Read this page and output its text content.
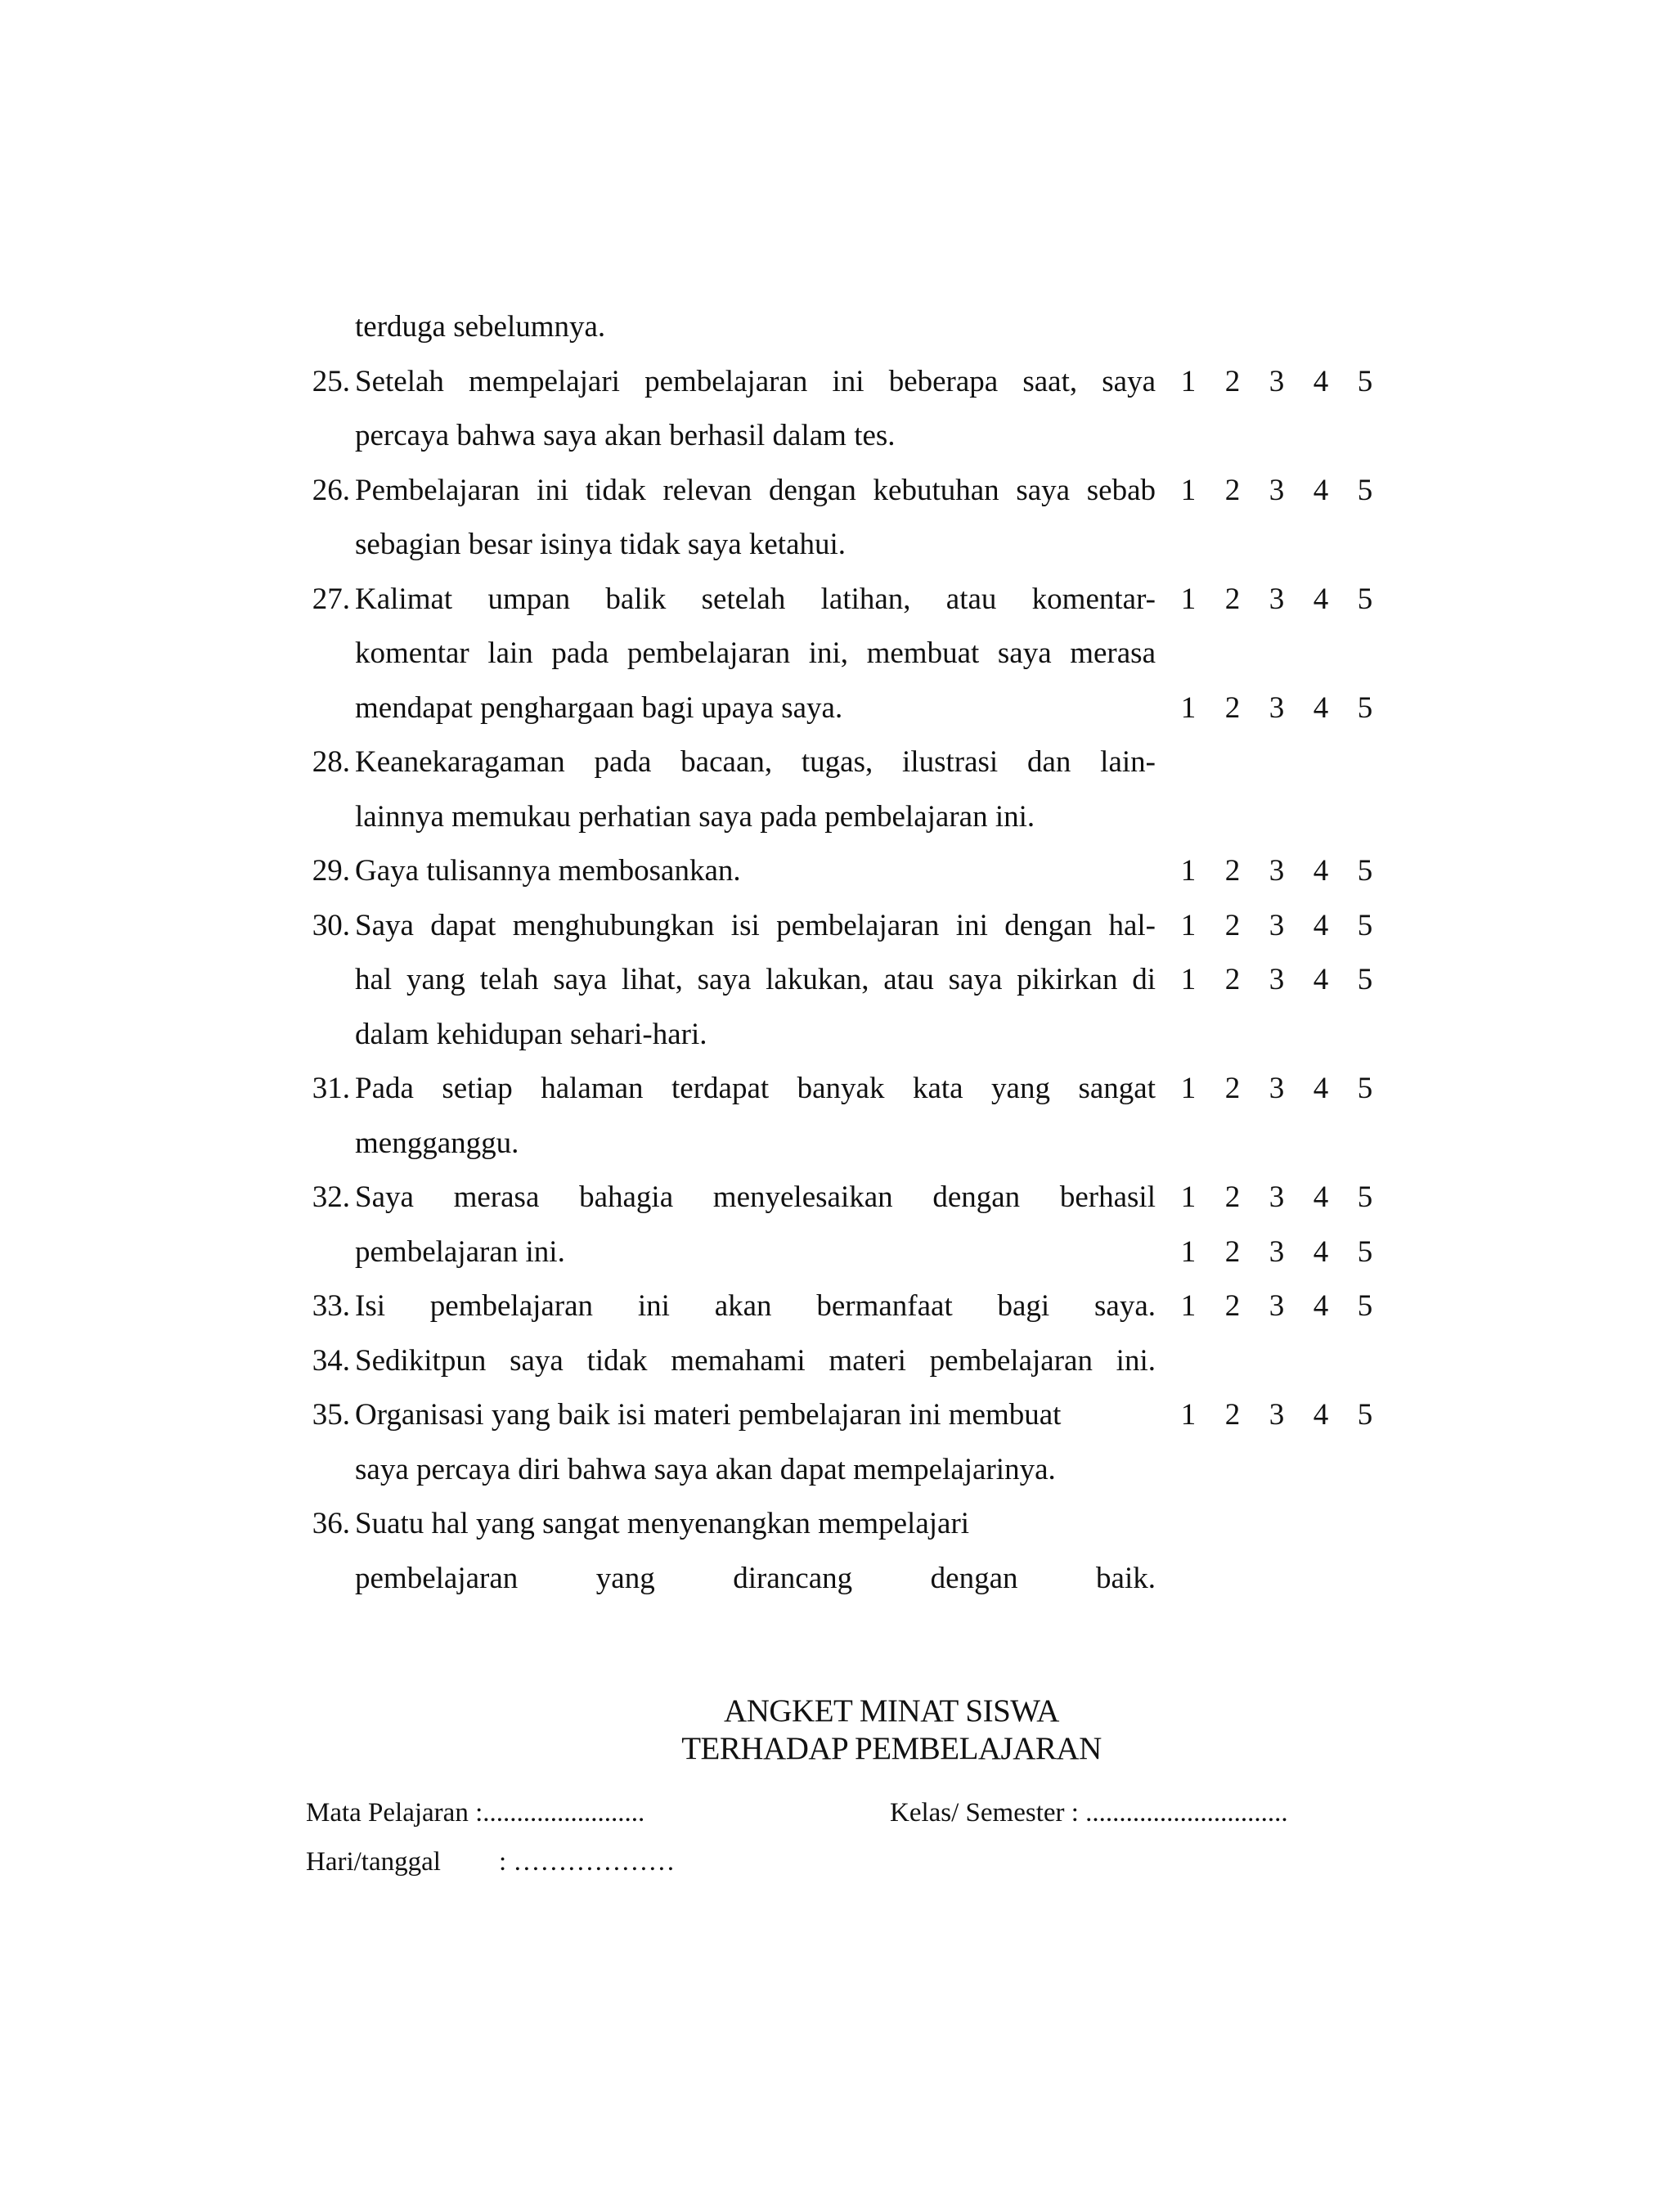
terduga sebelumnya.
25. Setelah mempelajari pembelajaran ini beberapa saat, saya
percaya bahwa saya akan berhasil dalam tes.
26. Pembelajaran ini tidak relevan dengan kebutuhan saya sebab
sebagian besar isinya tidak saya ketahui.
27. Kalimat umpan balik setelah latihan, atau komentar-
komentar lain pada pembelajaran ini, membuat saya merasa
mendapat penghargaan bagi upaya saya.
28. Keanekaragaman pada bacaan, tugas, ilustrasi dan lain-
lainnya memukau perhatian saya pada pembelajaran ini.
29. Gaya tulisannya membosankan.
30. Saya dapat menghubungkan isi pembelajaran ini dengan hal-
hal yang telah saya lihat, saya lakukan, atau saya pikirkan di
dalam kehidupan sehari-hari.
31. Pada setiap halaman terdapat banyak kata yang sangat
mengganggu.
32. Saya merasa bahagia menyelesaikan dengan berhasil
pembelajaran ini.
33. Isi pembelajaran ini akan bermanfaat bagi saya.
34. Sedikitpun saya tidak memahami materi pembelajaran ini.
35. Organisasi yang baik isi materi pembelajaran ini membuat
saya percaya diri bahwa saya akan dapat mempelajarinya.
36. Suatu hal yang sangat menyenangkan mempelajari
pembelajaran yang dirancang dengan baik.
1 2 3 4 5
1 2 3 4 5
1 2 3 4 5
1 2 3 4 5
1 2 3 4 5
1 2 3 4 5
1 2 3 4 5
1 2 3 4 5
1 2 3 4 5
1 2 3 4 5
1 2 3 4 5
1 2 3 4 5
ANGKET MINAT SISWA
TERHADAP PEMBELAJARAN
Mata Pelajaran :........................	Kelas/ Semester : ..............................
Hari/tanggal : ………………
